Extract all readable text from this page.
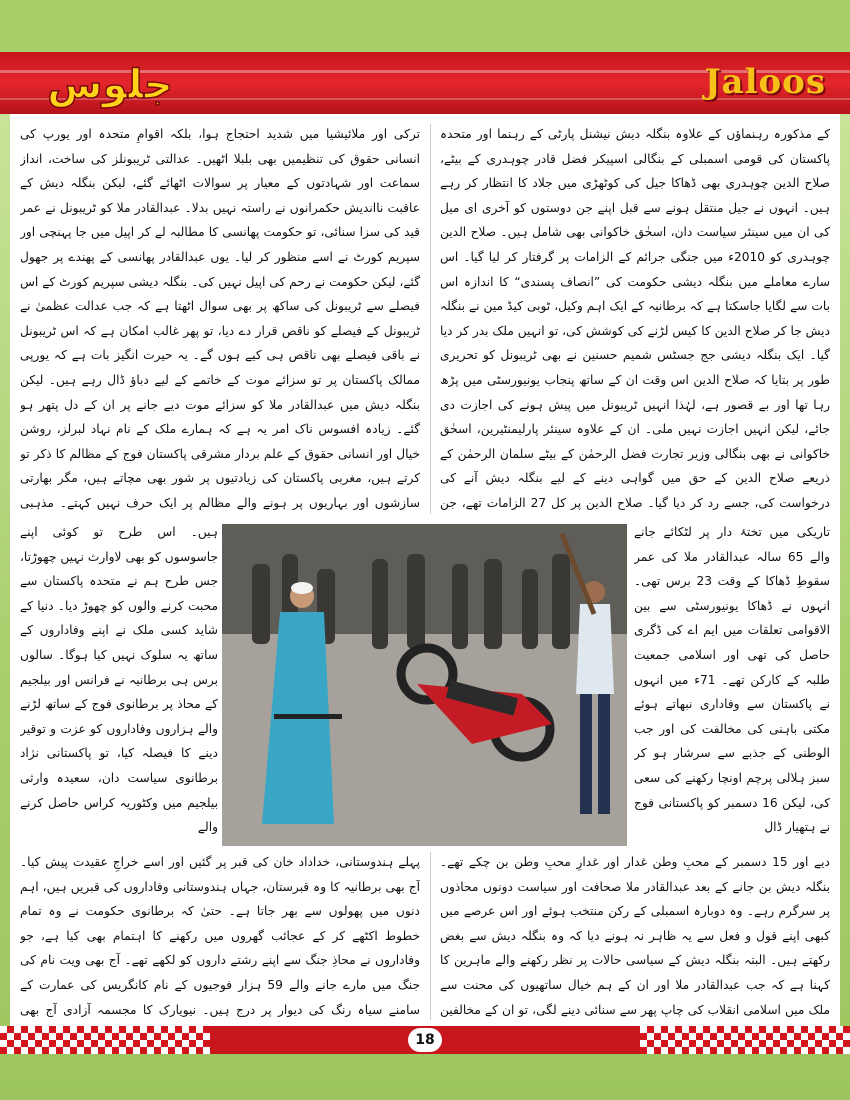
جلوس	Jaloos
کے مذکورہ رہنماؤں کے علاوہ بنگلہ دیش نیشنل پارٹی کے رہنما اور متحدہ پاکستان کی قومی اسمبلی کے بنگالی اسپیکر فضل قادر چوہدری کے بیٹے، صلاح الدین چوہدری بھی ڈھاکا جیل کی کوٹھڑی میں جلاد کا انتظار کر رہے ہیں۔ انہوں نے جیل منتقل ہونے سے قبل اپنے جن دوستوں کو آخری ای میل کی ان میں سینئر سیاست دان، اسحٰق خاکوانی بھی شامل ہیں۔ صلاح الدین چوہدری کو 2010ء میں جنگی جرائم کے الزامات پر گرفتار کر لیا گیا۔ اس سارے معاملے میں بنگلہ دیشی حکومت کی ”انصاف پسندی“ کا اندازہ اس بات سے لگایا جاسکتا ہے کہ برطانیہ کے ایک اہم وکیل، ٹوبی کیڈ مین نے بنگلہ دیش جا کر صلاح الدین کا کیس لڑنے کی کوشش کی، تو انہیں ملک بدر کر دیا گیا۔ ایک بنگلہ دیشی جج جسٹس شمیم حسنین نے بھی ٹریبونل کو تحریری طور پر بتایا کہ صلاح الدین اس وقت ان کے ساتھ پنجاب یونیورسٹی میں پڑھ رہا تھا اور بے قصور ہے، لہٰذا انہیں ٹریبونل میں پیش ہونے کی اجازت دی جائے، لیکن انہیں اجازت نہیں ملی۔ ان کے علاوہ سینئر پارلیمنٹیرین، اسحٰق خاکوانی نے بھی بنگالی وزیر تجارت فضل الرحمٰن کے بیٹے سلمان الرحمٰن کے ذریعے صلاح الدین کے حق میں گواہی دینے کے لیے بنگلہ دیش آنے کی درخواست کی، جسے رد کر دیا گیا۔ صلاح الدین پر کل 27 الزامات تھے، جن
ترکی اور ملائیشیا میں شدید احتجاج ہوا، بلکہ اقوامِ متحدہ اور یورپ کی انسانی حقوق کی تنظیمیں بھی بلبلا اٹھیں۔ عدالتی ٹریبونلز کی ساخت، انداز سماعت اور شہادتوں کے معیار پر سوالات اٹھائے گئے، لیکن بنگلہ دیش کے عاقبت نااندیش حکمرانوں نے راستہ نہیں بدلا۔ عبدالقادر ملا کو ٹریبونل نے عمر قید کی سزا سنائی، تو حکومت پھانسی کا مطالبہ لے کر اپیل میں جا پہنچی اور سپریم کورٹ نے اسے منظور کر لیا۔ یوں عبدالقادر پھانسی کے پھندے پر جھول گئے، لیکن حکومت نے رحم کی اپیل نہیں کی۔ بنگلہ دیشی سپریم کورٹ کے اس فیصلے سے ٹریبونل کی ساکھ پر بھی سوال اٹھتا ہے کہ جب عدالت عظمیٰ نے ٹریبونل کے فیصلے کو ناقص قرار دے دیا، تو پھر غالب امکان ہے کہ اس ٹریبونل نے باقی فیصلے بھی ناقص ہی کیے ہوں گے۔ یہ حیرت انگیز بات ہے کہ یورپی ممالک پاکستان پر تو سزائے موت کے خاتمے کے لیے دباؤ ڈال رہے ہیں۔ لیکن بنگلہ دیش میں عبدالقادر ملا کو سزائے موت دیے جانے پر ان کے دل پتھر ہو گئے۔ زیادہ افسوس ناک امر یہ ہے کہ ہمارے ملک کے نام نہاد لبرلز، روشن خیال اور انسانی حقوق کے علم بردار مشرقی پاکستان فوج کے مظالم کا ذکر تو کرتے ہیں، مغربی پاکستان کی زیادتیوں پر شور بھی مچاتے ہیں، مگر بھارتی سازشوں اور بہاریوں پر ہونے والے مظالم پر ایک حرف نہیں کہتے۔ مذہبی
تاریکی میں تختۂ دار پر لٹکائے جانے والے 65 سالہ عبدالقادر ملا کی عمر سقوطِ ڈھاکا کے وقت 23 برس تھی۔ انہوں نے ڈھاکا یونیورسٹی سے بین الاقوامی تعلقات میں ایم اے کی ڈگری حاصل کی تھی اور اسلامی جمعیت طلبہ کے کارکن تھے۔ 71ء میں انہوں نے پاکستان سے وفاداری نبھاتے ہوئے مکتی باہنی کی مخالفت کی اور جب الوطنی کے جذبے سے سرشار ہو کر سبز ہلالی پرچم اونچا رکھنے کی سعی کی، لیکن 16 دسمبر کو پاکستانی فوج نے ہتھیار ڈال
ہیں۔ اس طرح تو کوئی اپنے جاسوسوں کو بھی لاوارث نہیں چھوڑتا، جس طرح ہم نے متحدہ پاکستان سے محبت کرنے والوں کو چھوڑ دیا۔ دنیا کے شاید کسی ملک نے اپنے وفاداروں کے ساتھ یہ سلوک نہیں کیا ہوگا۔ سالوں برس ہی برطانیہ نے فرانس اور بیلجیم کے محاذ پر برطانوی فوج کے ساتھ لڑنے والے ہزاروں وفاداروں کو عزت و توقیر دینے کا فیصلہ کیا، تو پاکستانی نژاد برطانوی سیاست دان، سعیدہ وارثی بیلجیم میں وکٹوریہ کراس حاصل کرنے والے
دیے اور 15 دسمبر کے محبِ وطن غدار اور غدارِ محبِ وطن بن چکے تھے۔ بنگلہ دیش بن جانے کے بعد عبدالقادر ملا صحافت اور سیاست دونوں محاذوں پر سرگرم رہے۔ وہ دوبارہ اسمبلی کے رکن منتخب ہوئے اور اس عرصے میں کبھی اپنے قول و فعل سے یہ ظاہر نہ ہونے دیا کہ وہ بنگلہ دیش سے بغض رکھتے ہیں۔ البتہ بنگلہ دیش کے سیاسی حالات پر نظر رکھنے والے ماہرین کا کہنا ہے کہ جب عبدالقادر ملا اور ان کے ہم خیال ساتھیوں کی محنت سے ملک میں اسلامی انقلاب کی چاپ پھر سے سنائی دینے لگی، تو ان کے مخالفین
پہلے ہندوستانی، خداداد خان کی قبر پر گئیں اور اسے خراجِ عقیدت پیش کیا۔ آج بھی برطانیہ کا وہ قبرستان، جہاں ہندوستانی وفاداروں کی قبریں ہیں، اہم دنوں میں پھولوں سے بھر جاتا ہے۔ حتیٰ کہ برطانوی حکومت نے وہ تمام خطوط اکٹھے کر کے عجائب گھروں میں رکھنے کا اہتمام بھی کیا ہے، جو وفاداروں نے محاذِ جنگ سے اپنے رشتے داروں کو لکھے تھے۔ آج بھی ویت نام کی جنگ میں مارے جانے والے 59 ہزار فوجیوں کے نام کانگریس کی عمارت کے سامنے سیاہ رنگ کی دیوار پر درج ہیں۔ نیویارک کا مجسمہ آزادی آج بھی
18
